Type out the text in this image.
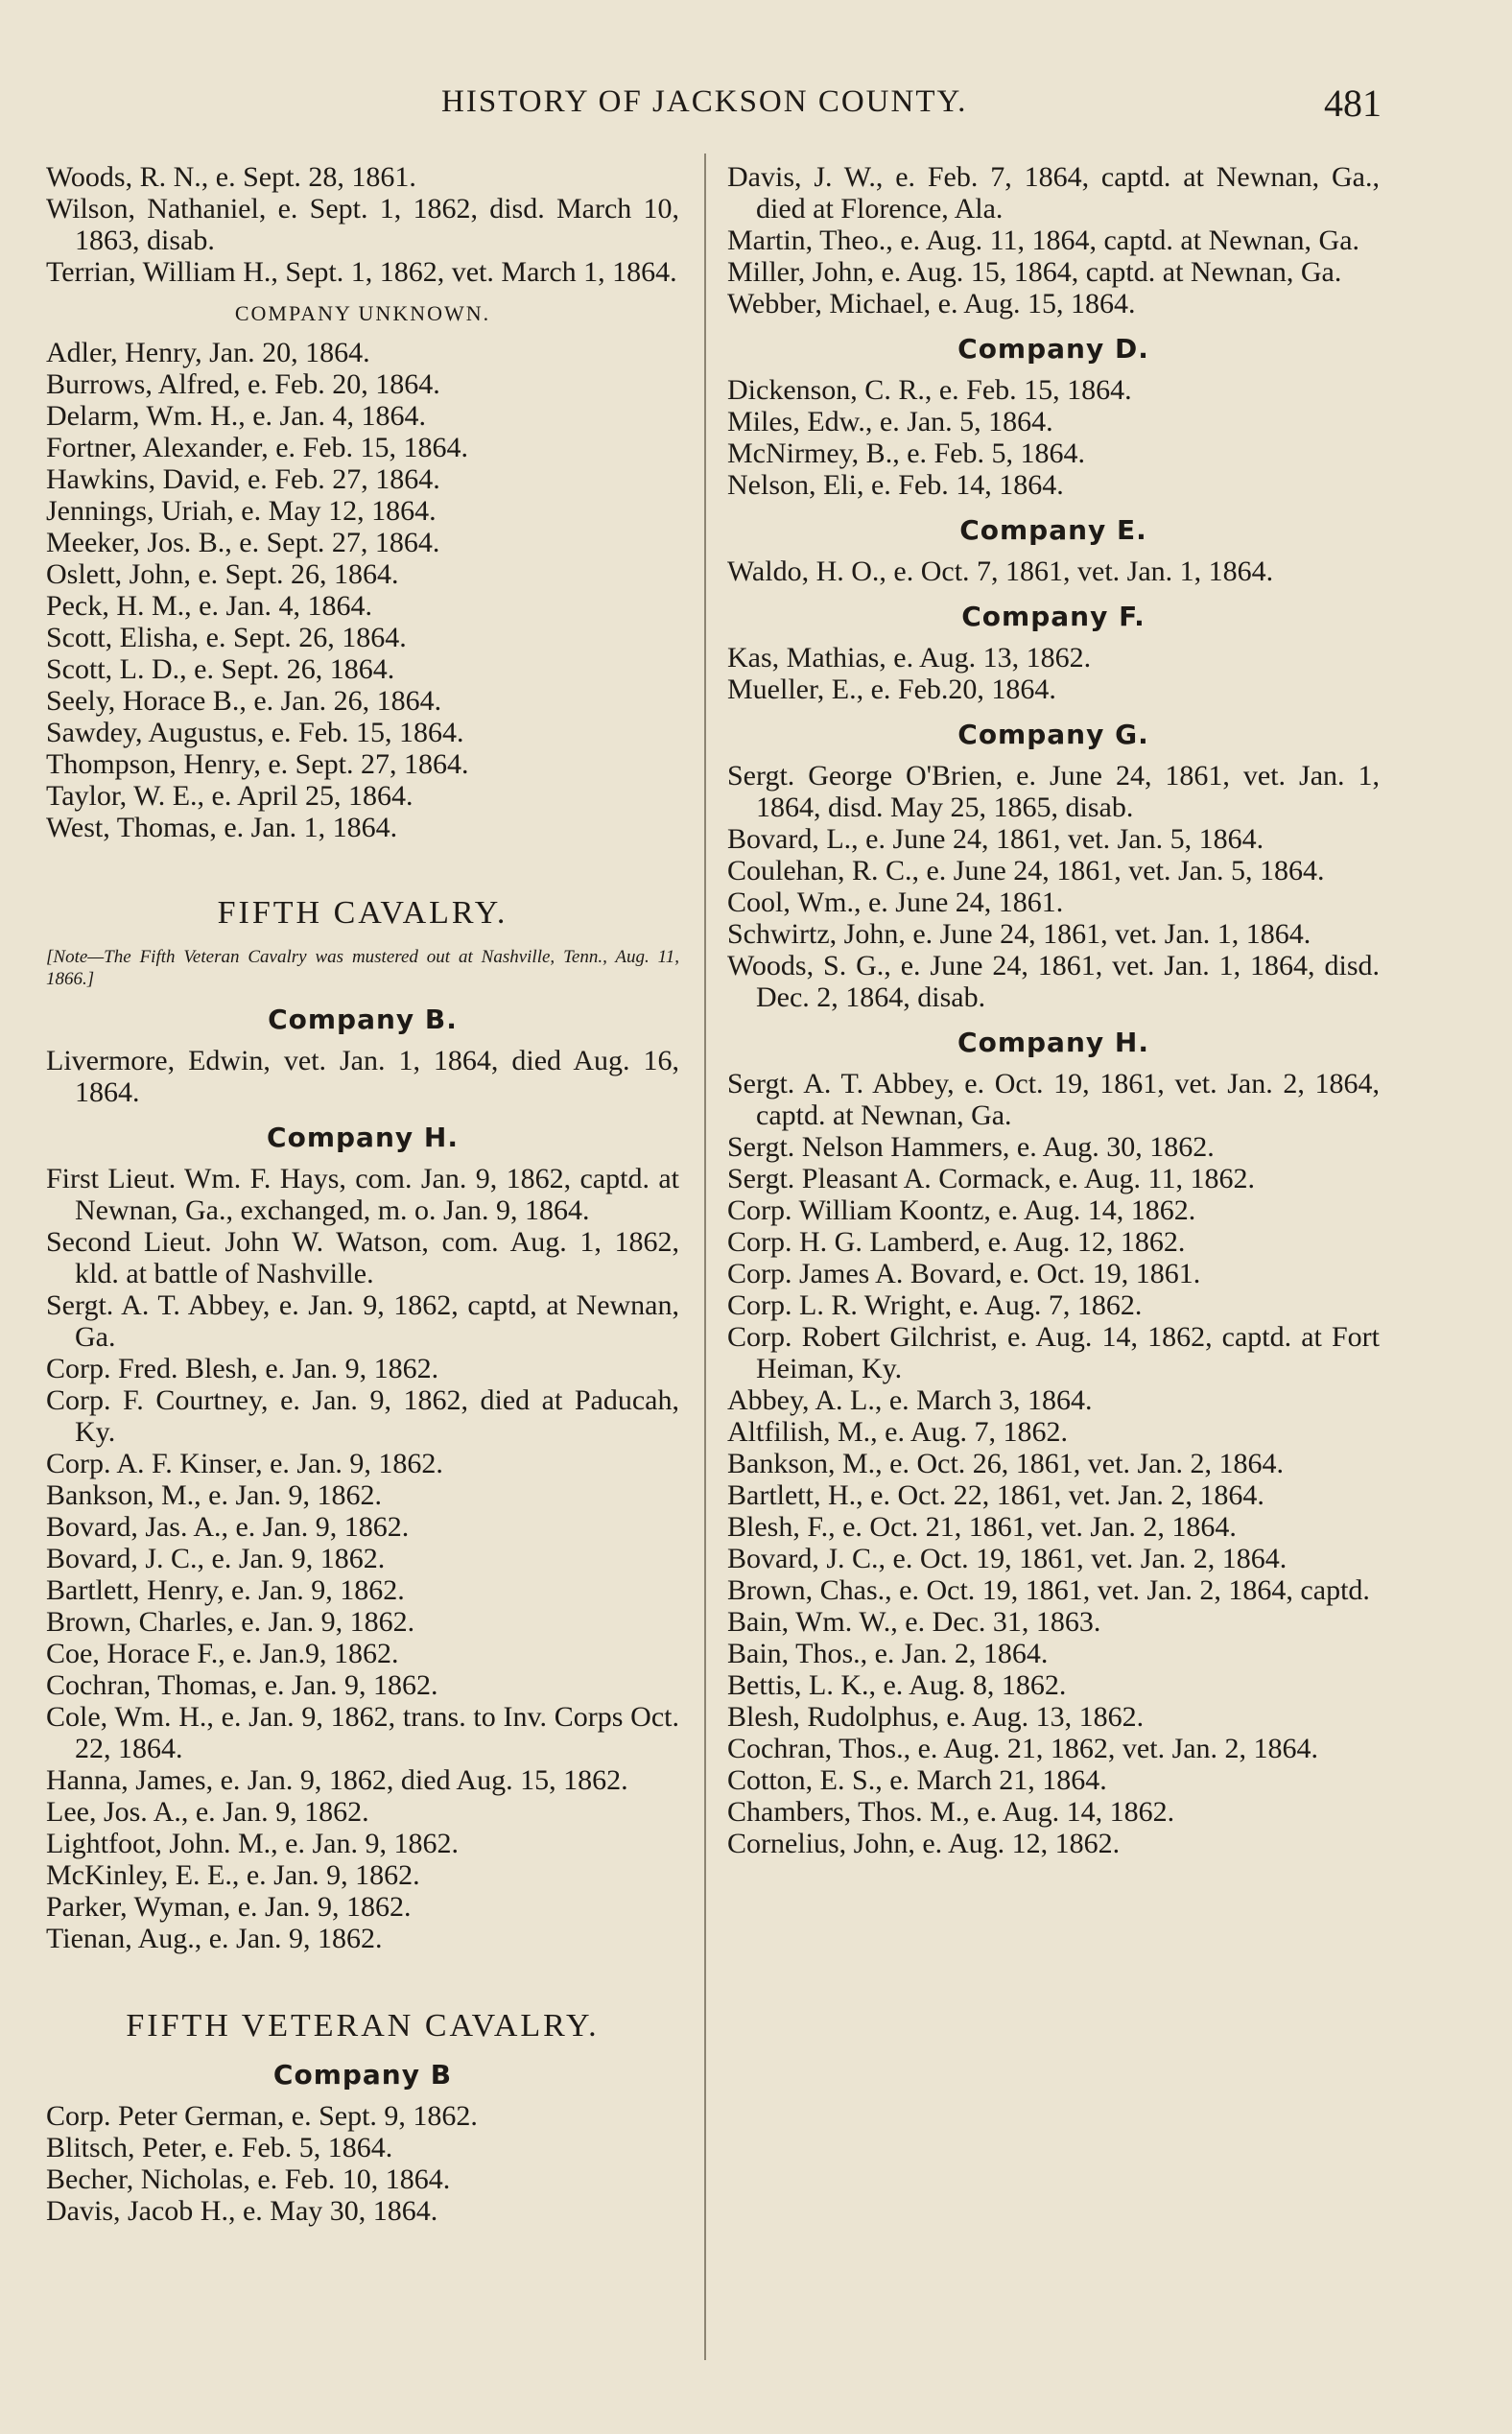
HISTORY OF JACKSON COUNTY.	481

Woods, R. N., e. Sept. 28, 1861.

Wilson, Nathaniel, e. Sept. 1, 1862, disd. March 10, 1863, disab.

Terrian, William H., Sept. 1, 1862, vet. March 1, 1864.

COMPANY UNKNOWN.

Adler, Henry, Jan. 20, 1864.

Burrows, Alfred, e. Feb. 20, 1864.

Delarm, Wm. H., e. Jan. 4, 1864.

Fortner, Alexander, e. Feb. 15, 1864.

Hawkins, David, e. Feb. 27, 1864.

Jennings, Uriah, e. May 12, 1864.

Meeker, Jos. B., e. Sept. 27, 1864.

Oslett, John, e. Sept. 26, 1864.

Peck, H. M., e. Jan. 4, 1864.

Scott, Elisha, e. Sept. 26, 1864.

Scott, L. D., e. Sept. 26, 1864.

Seely, Horace B., e. Jan. 26, 1864.

Sawdey, Augustus, e. Feb. 15, 1864.

Thompson, Henry, e. Sept. 27, 1864.

Taylor, W. E., e. April 25, 1864.

West, Thomas, e. Jan. 1, 1864.

FIFTH CAVALRY.
[Note—The Fifth Veteran Cavalry was mustered out at Nashville, Tenn., Aug. 11, 1866.]
Company B.

Livermore, Edwin, vet. Jan. 1, 1864, died Aug. 16, 1864.

Company H.

First Lieut. Wm. F. Hays, com. Jan. 9, 1862, captd. at Newnan, Ga., exchanged, m. o. Jan. 9, 1864.

Second Lieut. John W. Watson, com. Aug. 1, 1862, kld. at battle of Nashville.

Sergt. A. T. Abbey, e. Jan. 9, 1862, captd, at Newnan, Ga.

Corp. Fred. Blesh, e. Jan. 9, 1862.

Corp. F. Courtney, e. Jan. 9, 1862, died at Paducah, Ky.

Corp. A. F. Kinser, e. Jan. 9, 1862.

Bankson, M., e. Jan. 9, 1862.

Bovard, Jas. A., e. Jan. 9, 1862.

Bovard, J. C., e. Jan. 9, 1862.

Bartlett, Henry, e. Jan. 9, 1862.

Brown, Charles, e. Jan. 9, 1862.

Coe, Horace F., e. Jan.9, 1862.

Cochran, Thomas, e. Jan. 9, 1862.

Cole, Wm. H., e. Jan. 9, 1862, trans. to Inv. Corps Oct. 22, 1864.

Hanna, James, e. Jan. 9, 1862, died Aug. 15, 1862.

Lee, Jos. A., e. Jan. 9, 1862.

Lightfoot, John. M., e. Jan. 9, 1862.

McKinley, E. E., e. Jan. 9, 1862.

Parker, Wyman, e. Jan. 9, 1862.

Tienan, Aug., e. Jan. 9, 1862.

FIFTH VETERAN CAVALRY.
Company B

Corp. Peter German, e. Sept. 9, 1862.

Blitsch, Peter, e. Feb. 5, 1864.

Becher, Nicholas, e. Feb. 10, 1864.

Davis, Jacob H., e. May 30, 1864.

Davis, J. W., e. Feb. 7, 1864, captd. at Newnan, Ga., died at Florence, Ala.

Martin, Theo., e. Aug. 11, 1864, captd. at Newnan, Ga.

Miller, John, e. Aug. 15, 1864, captd. at Newnan, Ga.

Webber, Michael, e. Aug. 15, 1864.

Company D.

Dickenson, C. R., e. Feb. 15, 1864.

Miles, Edw., e. Jan. 5, 1864.

McNirmey, B., e. Feb. 5, 1864.

Nelson, Eli, e. Feb. 14, 1864.

Company E.

Waldo, H. O., e. Oct. 7, 1861, vet. Jan. 1, 1864.

Company F.

Kas, Mathias, e. Aug. 13, 1862.

Mueller, E., e. Feb.20, 1864.

Company G.

Sergt. George O'Brien, e. June 24, 1861, vet. Jan. 1, 1864, disd. May 25, 1865, disab.

Bovard, L., e. June 24, 1861, vet. Jan. 5, 1864.

Coulehan, R. C., e. June 24, 1861, vet. Jan. 5, 1864.

Cool, Wm., e. June 24, 1861.

Schwirtz, John, e. June 24, 1861, vet. Jan. 1, 1864.

Woods, S. G., e. June 24, 1861, vet. Jan. 1, 1864, disd. Dec. 2, 1864, disab.

Company H.

Sergt. A. T. Abbey, e. Oct. 19, 1861, vet. Jan. 2, 1864, captd. at Newnan, Ga.

Sergt. Nelson Hammers, e. Aug. 30, 1862.

Sergt. Pleasant A. Cormack, e. Aug. 11, 1862.

Corp. William Koontz, e. Aug. 14, 1862.

Corp. H. G. Lamberd, e. Aug. 12, 1862.

Corp. James A. Bovard, e. Oct. 19, 1861.

Corp. L. R. Wright, e. Aug. 7, 1862.

Corp. Robert Gilchrist, e. Aug. 14, 1862, captd. at Fort Heiman, Ky.

Abbey, A. L., e. March 3, 1864.

Altfilish, M., e. Aug. 7, 1862.

Bankson, M., e. Oct. 26, 1861, vet. Jan. 2, 1864.

Bartlett, H., e. Oct. 22, 1861, vet. Jan. 2, 1864.

Blesh, F., e. Oct. 21, 1861, vet. Jan. 2, 1864.

Bovard, J. C., e. Oct. 19, 1861, vet. Jan. 2, 1864.

Brown, Chas., e. Oct. 19, 1861, vet. Jan. 2, 1864, captd.

Bain, Wm. W., e. Dec. 31, 1863.

Bain, Thos., e. Jan. 2, 1864.

Bettis, L. K., e. Aug. 8, 1862.

Blesh, Rudolphus, e. Aug. 13, 1862.

Cochran, Thos., e. Aug. 21, 1862, vet. Jan. 2, 1864.

Cotton, E. S., e. March 21, 1864.

Chambers, Thos. M., e. Aug. 14, 1862.

Cornelius, John, e. Aug. 12, 1862.
